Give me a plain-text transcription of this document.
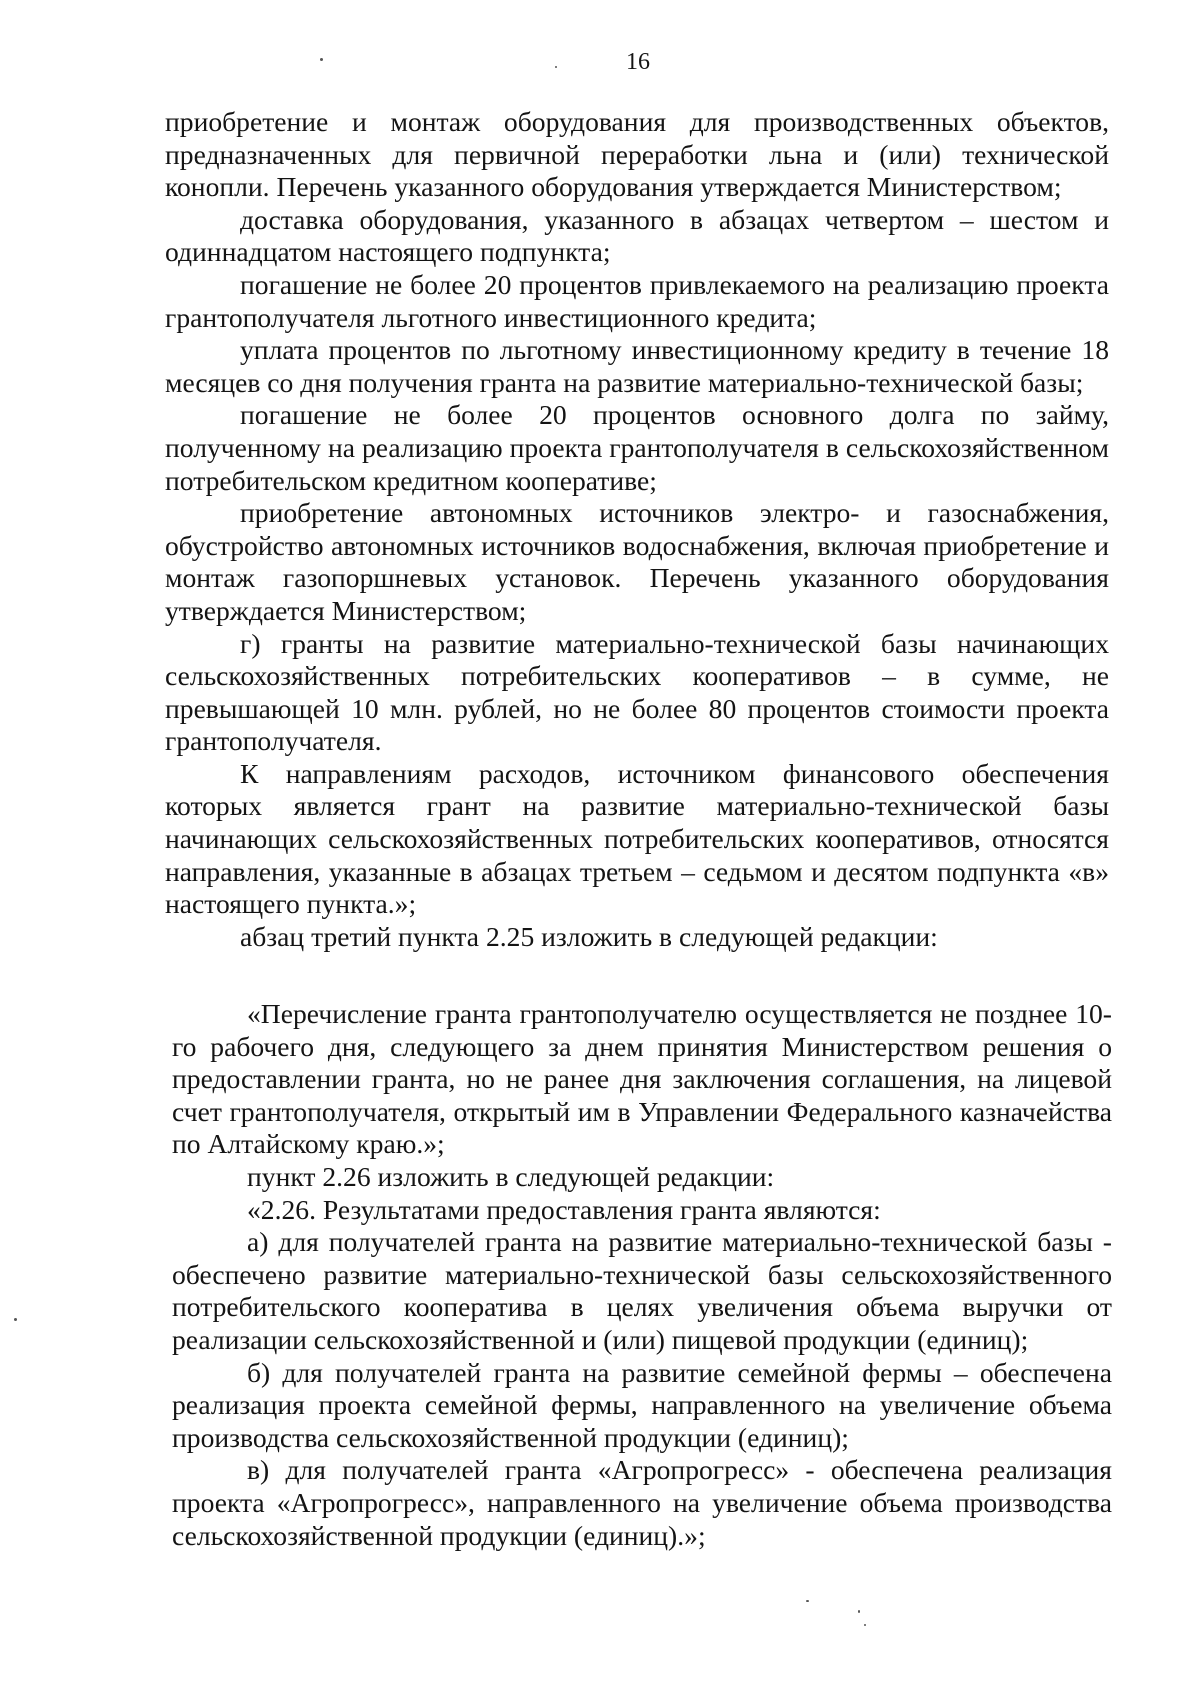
16

приобретение и монтаж оборудования для производственных объектов, предназначенных для первичной переработки льна и (или) технической конопли. Перечень указанного оборудования утверждается Министерством;

доставка оборудования, указанного в абзацах четвертом – шестом и одиннадцатом настоящего подпункта;

погашение не более 20 процентов привлекаемого на реализацию проекта грантополучателя льготного инвестиционного кредита;

уплата процентов по льготному инвестиционному кредиту в течение 18 месяцев со дня получения гранта на развитие материально-технической базы;

погашение не более 20 процентов основного долга по займу, полученному на реализацию проекта грантополучателя в сельскохозяйственном потребительском кредитном кооперативе;

приобретение автономных источников электро- и газоснабжения, обустройство автономных источников водоснабжения, включая приобретение и монтаж газопоршневых установок. Перечень указанного оборудования утверждается Министерством;

г) гранты на развитие материально-технической базы начинающих сельскохозяйственных потребительских кооперативов – в сумме, не превышающей 10 млн. рублей, но не более 80 процентов стоимости проекта грантополучателя.

К направлениям расходов, источником финансового обеспечения которых является грант на развитие материально-технической базы начинающих сельскохозяйственных потребительских кооперативов, относятся направления, указанные в абзацах третьем – седьмом и десятом подпункта «в» настоящего пункта.»;

абзац третий пункта 2.25 изложить в следующей редакции:

«Перечисление гранта грантополучателю осуществляется не позднее 10-го рабочего дня, следующего за днем принятия Министерством решения о предоставлении гранта, но не ранее дня заключения соглашения, на лицевой счет грантополучателя, открытый им в Управлении Федерального казначейства по Алтайскому краю.»;

пункт 2.26 изложить в следующей редакции:

«2.26. Результатами предоставления гранта являются:

а) для получателей гранта на развитие материально-технической базы - обеспечено развитие материально-технической базы сельскохозяйственного потребительского кооператива в целях увеличения объема выручки от реализации сельскохозяйственной и (или) пищевой продукции (единиц);

б) для получателей гранта на развитие семейной фермы – обеспечена реализация проекта семейной фермы, направленного на увеличение объема производства сельскохозяйственной продукции (единиц);

в) для получателей гранта «Агропрогресс» - обеспечена реализация проекта «Агропрогресс», направленного на увеличение объема производства сельскохозяйственной продукции (единиц).»;
